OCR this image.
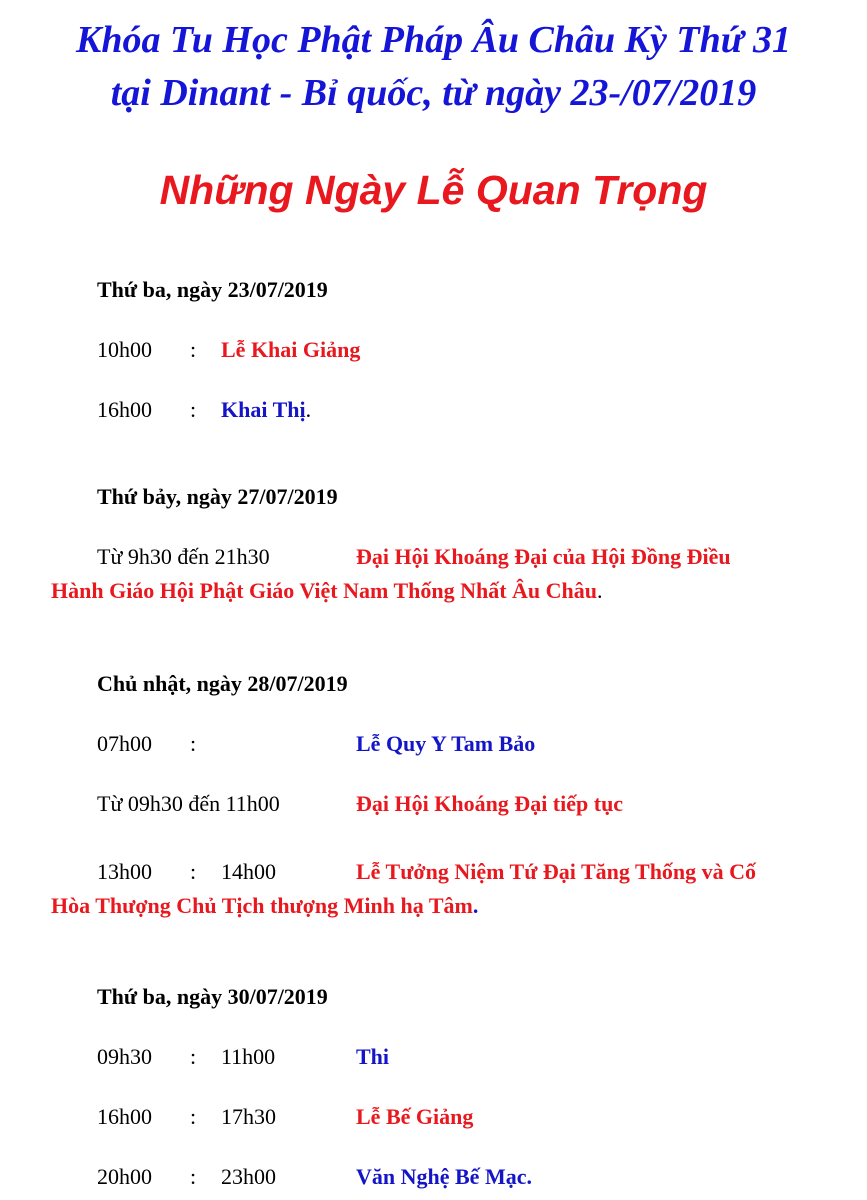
Khóa Tu Học Phật Pháp Âu Châu Kỳ Thứ 31
tại Dinant - Bỉ quốc, từ ngày 23-/07/2019
Những Ngày Lễ Quan Trọng
Thứ ba, ngày 23/07/2019
10h00 : Lễ Khai Giảng
16h00 : Khai Thị.
Thứ bảy, ngày 27/07/2019
Từ 9h30 đến 21h30	Đại Hội Khoáng Đại của Hội Đồng Điều
Hành Giáo Hội Phật Giáo Việt Nam Thống Nhất Âu Châu.
Chủ nhật, ngày 28/07/2019
07h00 :	Lễ Quy Y Tam Bảo
Từ 09h30 đến 11h00	Đại Hội Khoáng Đại tiếp tục
13h00 : 14h00	Lễ Tưởng Niệm Tứ Đại Tăng Thống và Cố
Hòa Thượng Chủ Tịch thượng Minh hạ Tâm.
Thứ ba, ngày 30/07/2019
09h30 : 11h00	Thi
16h00 : 17h30	Lễ Bế Giảng
20h00 : 23h00	Văn Nghệ Bế Mạc.
